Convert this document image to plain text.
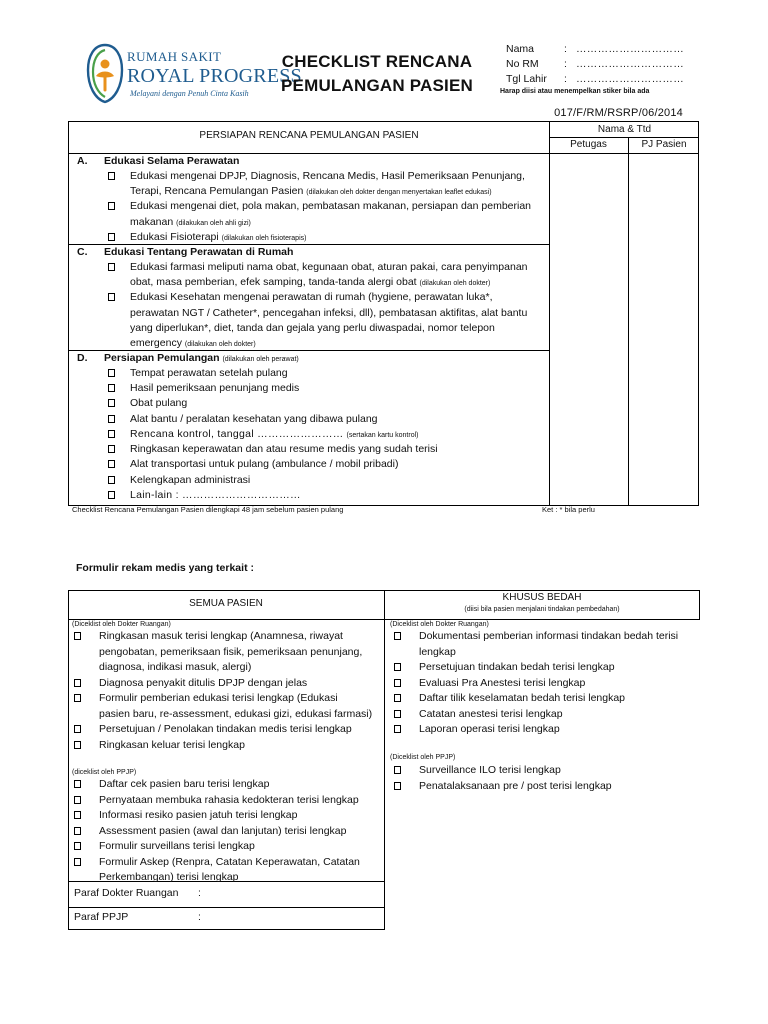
RUMAH SAKIT
ROYAL PROGRESS
Melayani dengan Penuh Cinta Kasih
CHECKLIST RENCANA
PEMULANGAN PASIEN
Nama	: …………………………
No RM	: …………………………
Tgl Lahir	: …………………………
Harap diisi atau menempelkan stiker bila ada
017/F/RM/RSRP/06/2014
PERSIAPAN RENCANA PEMULANGAN PASIEN
Nama & Ttd
Petugas	PJ Pasien
A. Edukasi Selama Perawatan
Edukasi mengenai DPJP, Diagnosis, Rencana Medis, Hasil Pemeriksaan Penunjang,
Terapi, Rencana Pemulangan Pasien (dilakukan oleh dokter dengan menyertakan leaflet edukasi)
Edukasi mengenai diet, pola makan, pembatasan makanan, persiapan dan pemberian
makanan (dilakukan oleh ahli gizi)
Edukasi Fisioterapi (dilakukan oleh fisioterapis)
C. Edukasi Tentang Perawatan di Rumah
Edukasi farmasi meliputi nama obat, kegunaan obat, aturan pakai, cara penyimpanan
obat, masa pemberian, efek samping, tanda-tanda alergi obat (dilakukan oleh dokter)
Edukasi Kesehatan mengenai perawatan di rumah (hygiene, perawatan luka*,
perawatan NGT / Catheter*, pencegahan infeksi, dll), pembatasan aktifitas, alat bantu
yang diperlukan*, diet, tanda dan gejala yang perlu diwaspadai, nomor telepon
emergency (dilakukan oleh dokter)
D. Persiapan Pemulangan (dilakukan oleh perawat)
Tempat perawatan setelah pulang
Hasil pemeriksaan penunjang medis
Obat pulang
Alat bantu / peralatan kesehatan yang dibawa pulang
Rencana kontrol, tanggal …………………… (sertakan kartu kontrol)
Ringkasan keperawatan dan atau resume medis yang sudah terisi
Alat transportasi untuk pulang (ambulance / mobil pribadi)
Kelengkapan administrasi
Lain-lain : ……………………………
Checklist Rencana Pemulangan Pasien dilengkapi 48 jam sebelum pasien pulang	Ket : * bila perlu
Formulir rekam medis yang terkait :
SEMUA PASIEN
KHUSUS BEDAH
(diisi bila pasien menjalani tindakan pembedahan)
(Diceklist oleh Dokter Ruangan)
Ringkasan masuk terisi lengkap (Anamnesa, riwayat
pengobatan, pemeriksaan fisik, pemeriksaan penunjang,
diagnosa, indikasi masuk, alergi)
Diagnosa penyakit ditulis DPJP dengan jelas
Formulir pemberian edukasi terisi lengkap (Edukasi
pasien baru, re-assessment, edukasi gizi, edukasi farmasi)
Persetujuan / Penolakan tindakan medis terisi lengkap
Ringkasan keluar terisi lengkap
(diceklist oleh PPJP)
Daftar cek pasien baru terisi lengkap
Pernyataan membuka rahasia kedokteran terisi lengkap
Informasi resiko pasien jatuh terisi lengkap
Assessment pasien (awal dan lanjutan) terisi lengkap
Formulir surveillans terisi lengkap
Formulir Askep (Renpra, Catatan Keperawatan, Catatan
Perkembangan) terisi lengkap
Paraf Dokter Ruangan :
Paraf PPJP	:
(Diceklist oleh Dokter Ruangan)
Dokumentasi pemberian informasi tindakan bedah terisi
lengkap
Persetujuan tindakan bedah terisi lengkap
Evaluasi Pra Anestesi terisi lengkap
Daftar tilik keselamatan bedah terisi lengkap
Catatan anestesi terisi lengkap
Laporan operasi terisi lengkap
(Diceklist oleh PPJP)
Surveillance ILO terisi lengkap
Penatalaksanaan pre / post terisi lengkap
